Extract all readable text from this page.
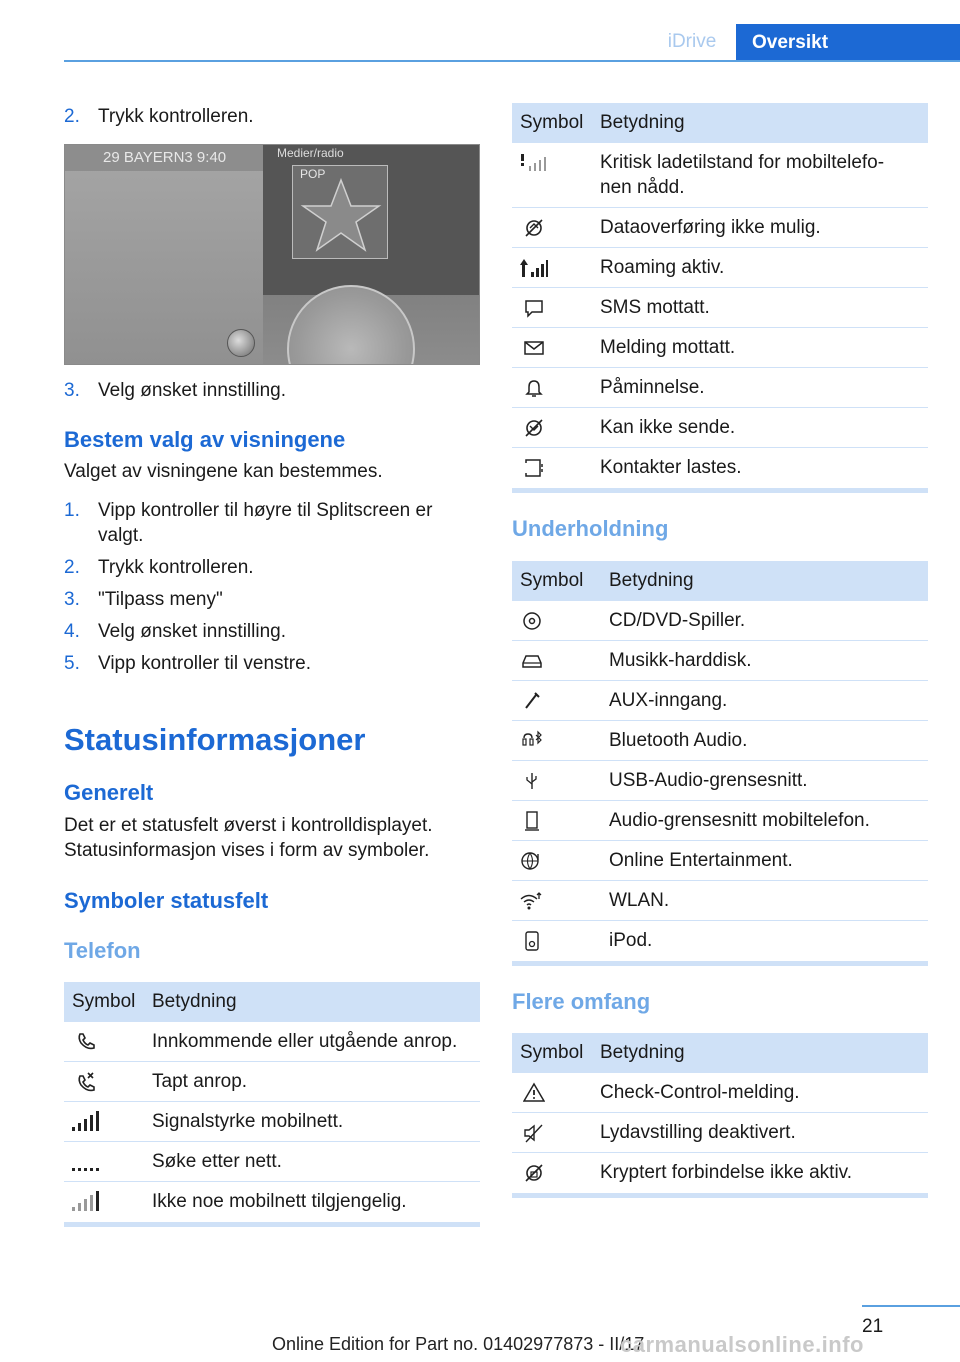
iDrive	Oversikt
2. Trykk kontrolleren.
29 BAYERN3 9:40	Medier/radio
POP
3. Velg ønsket innstilling.
Bestem valg av visningene
Valget av visningene kan bestemmes.
1. Vipp kontroller til høyre til Splitscreen er
valgt.
2. Trykk kontrolleren.
3. "Tilpass meny"
4. Velg ønsket innstilling.
5. Vipp kontroller til venstre.
Statusinformasjoner
Generelt
Det er et statusfelt øverst i kontrolldisplayet.
Statusinformasjon vises i form av symboler.
Symboler statusfelt
Telefon
Symbol Betydning
Innkommende eller utgående anrop.
Tapt anrop.
Signalstyrke mobilnett.
Søke etter nett.
Ikke noe mobilnett tilgjengelig.
Symbol Betydning
Kritisk ladetilstand for mobiltelefo-
nen nådd.
Dataoverføring ikke mulig.
Roaming aktiv.
SMS mottatt.
Melding mottatt.
Påminnelse.
Kan ikke sende.
Kontakter lastes.
Underholdning
Symbol Betydning
CD/DVD-Spiller.
Musikk-harddisk.
AUX-inngang.
Bluetooth Audio.
USB-Audio-grensesnitt.
Audio-grensesnitt mobiltelefon.
Online Entertainment.
WLAN.
iPod.
Flere omfang
Symbol Betydning
Check-Control-melding.
Lydavstilling deaktivert.
Kryptert forbindelse ikke aktiv.
21
Online Edition for Part no. 01402977873 - II/17
carmanualsonline.info
